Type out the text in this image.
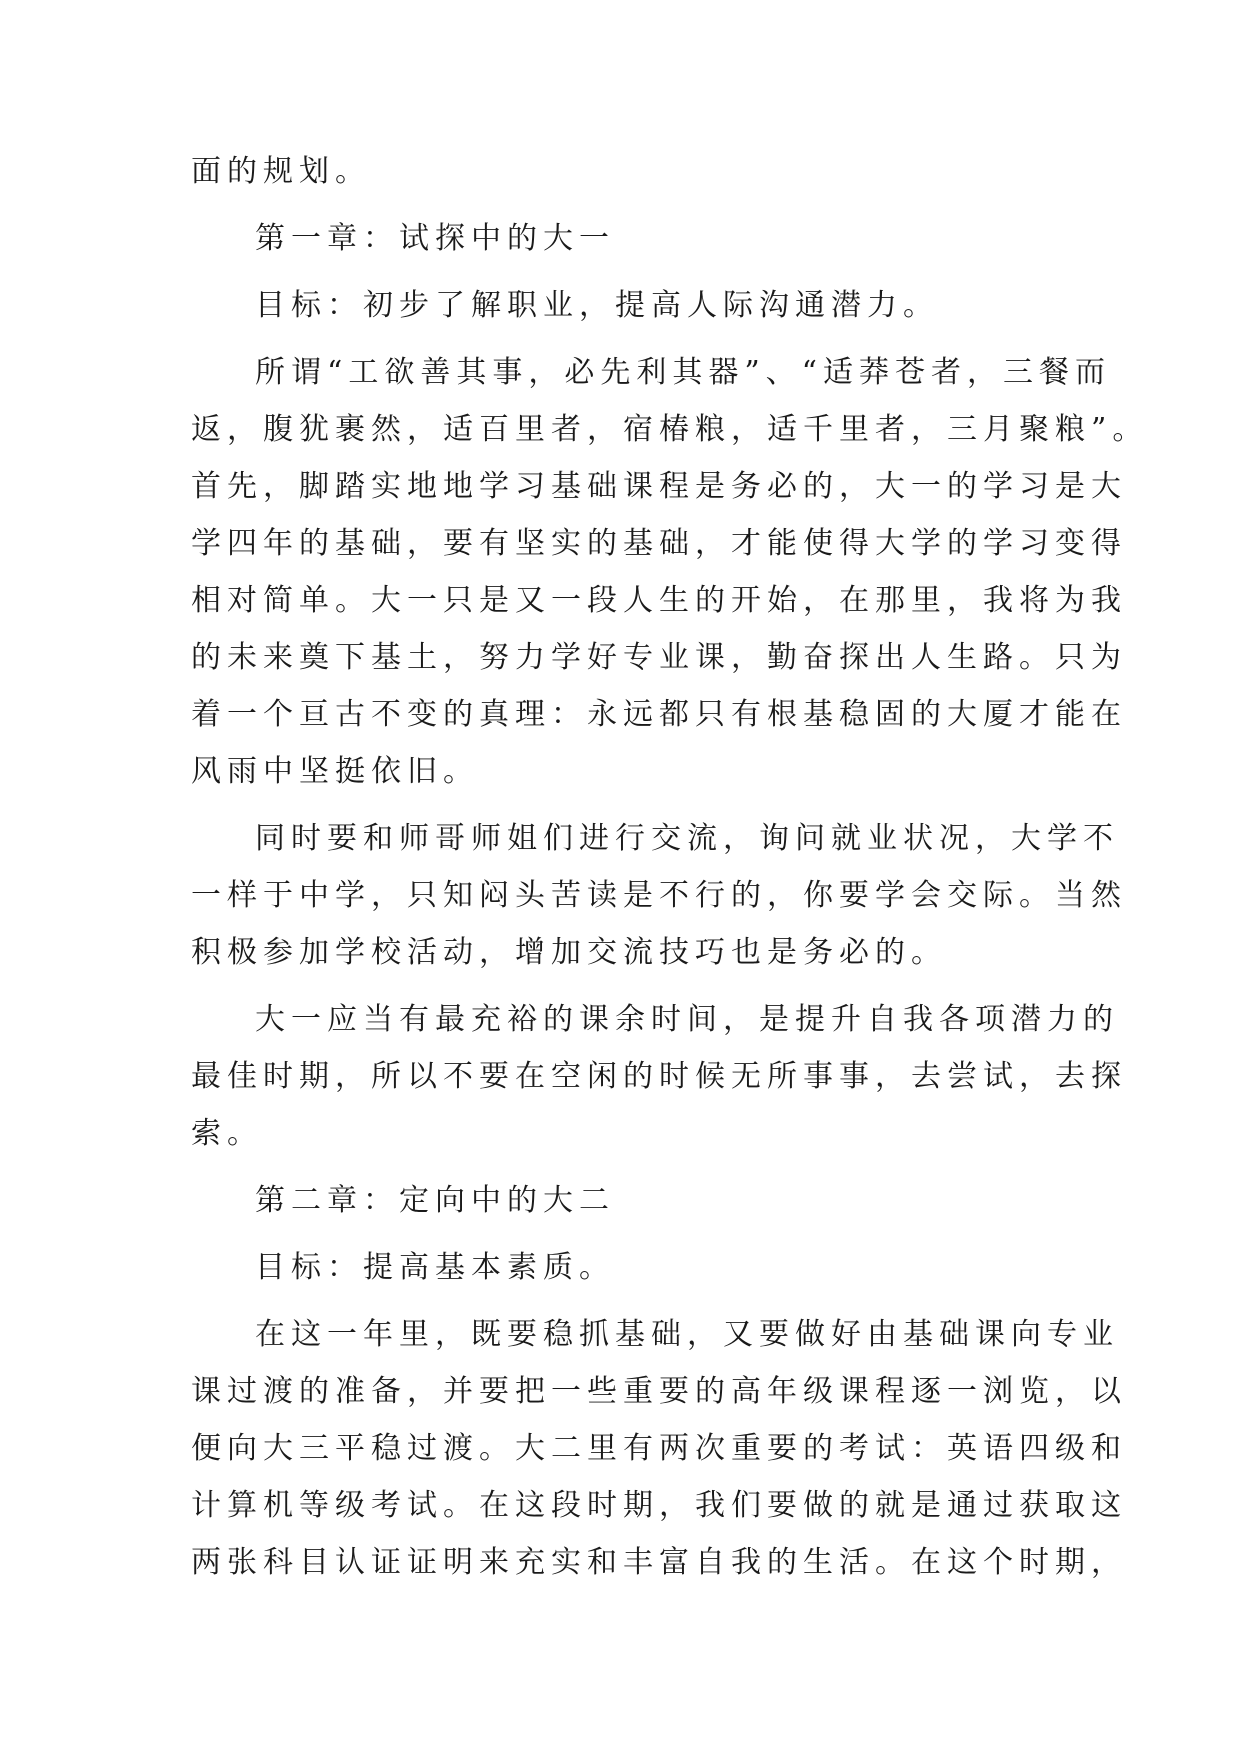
面的规划。
第一章：试探中的大一
目标：初步了解职业，提高人际沟通潜力。
所谓“工欲善其事，必先利其器”、“适莽苍者，三餐而
返，腹犹裹然，适百里者，宿椿粮，适千里者，三月聚粮”。
首先，脚踏实地地学习基础课程是务必的，大一的学习是大
学四年的基础，要有坚实的基础，才能使得大学的学习变得
相对简单。大一只是又一段人生的开始，在那里，我将为我
的未来奠下基土，努力学好专业课，勤奋探出人生路。只为
着一个亘古不变的真理：永远都只有根基稳固的大厦才能在
风雨中坚挺依旧。
同时要和师哥师姐们进行交流，询问就业状况，大学不
一样于中学，只知闷头苦读是不行的，你要学会交际。当然
积极参加学校活动，增加交流技巧也是务必的。
大一应当有最充裕的课余时间，是提升自我各项潜力的
最佳时期，所以不要在空闲的时候无所事事，去尝试，去探
索。
第二章：定向中的大二
目标：提高基本素质。
在这一年里，既要稳抓基础，又要做好由基础课向专业
课过渡的准备，并要把一些重要的高年级课程逐一浏览，以
便向大三平稳过渡。大二里有两次重要的考试：英语四级和
计算机等级考试。在这段时期，我们要做的就是通过获取这
两张科目认证证明来充实和丰富自我的生活。在这个时期，
